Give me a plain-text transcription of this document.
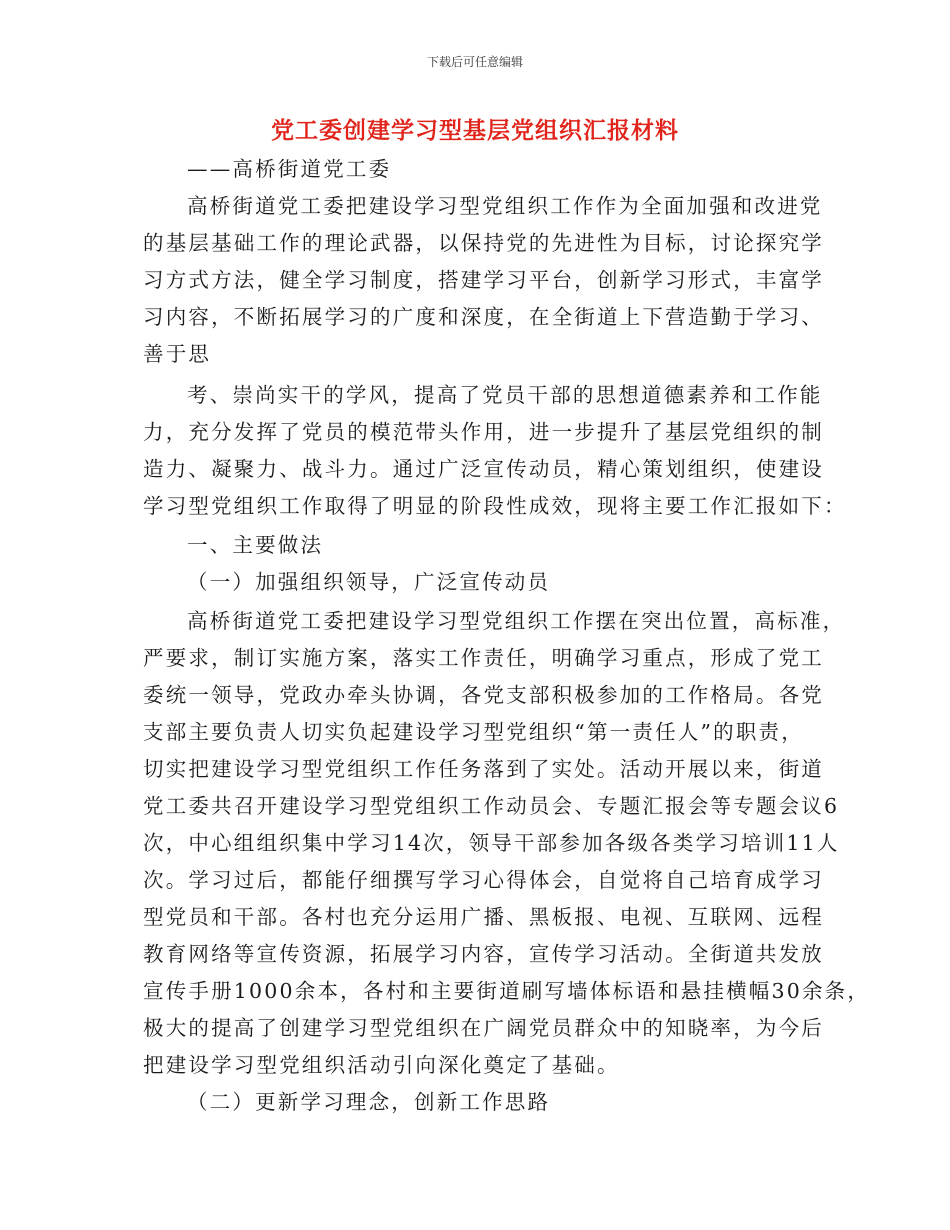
下载后可任意编辑
党工委创建学习型基层党组织汇报材料
——高桥街道党工委
高桥街道党工委把建设学习型党组织工作作为全面加强和改进党
的基层基础工作的理论武器，以保持党的先进性为目标，讨论探究学
习方式方法，健全学习制度，搭建学习平台，创新学习形式，丰富学
习内容，不断拓展学习的广度和深度，在全街道上下营造勤于学习、
善于思
考、崇尚实干的学风，提高了党员干部的思想道德素养和工作能
力，充分发挥了党员的模范带头作用，进一步提升了基层党组织的制
造力、凝聚力、战斗力。通过广泛宣传动员，精心策划组织，使建设
学习型党组织工作取得了明显的阶段性成效，现将主要工作汇报如下：
一、主要做法
（一）加强组织领导，广泛宣传动员
高桥街道党工委把建设学习型党组织工作摆在突出位置，高标准，
严要求，制订实施方案，落实工作责任，明确学习重点，形成了党工
委统一领导，党政办牵头协调，各党支部积极参加的工作格局。各党
支部主要负责人切实负起建设学习型党组织“第一责任人”的职责，
切实把建设学习型党组织工作任务落到了实处。活动开展以来，街道
党工委共召开建设学习型党组织工作动员会、专题汇报会等专题会议6
次，中心组组织集中学习14次，领导干部参加各级各类学习培训11人
次。学习过后，都能仔细撰写学习心得体会，自觉将自己培育成学习
型党员和干部。各村也充分运用广播、黑板报、电视、互联网、远程
教育网络等宣传资源，拓展学习内容，宣传学习活动。全街道共发放
宣传手册1000余本，各村和主要街道刷写墙体标语和悬挂横幅30余条，
极大的提高了创建学习型党组织在广阔党员群众中的知晓率，为今后
把建设学习型党组织活动引向深化奠定了基础。
（二）更新学习理念，创新工作思路
